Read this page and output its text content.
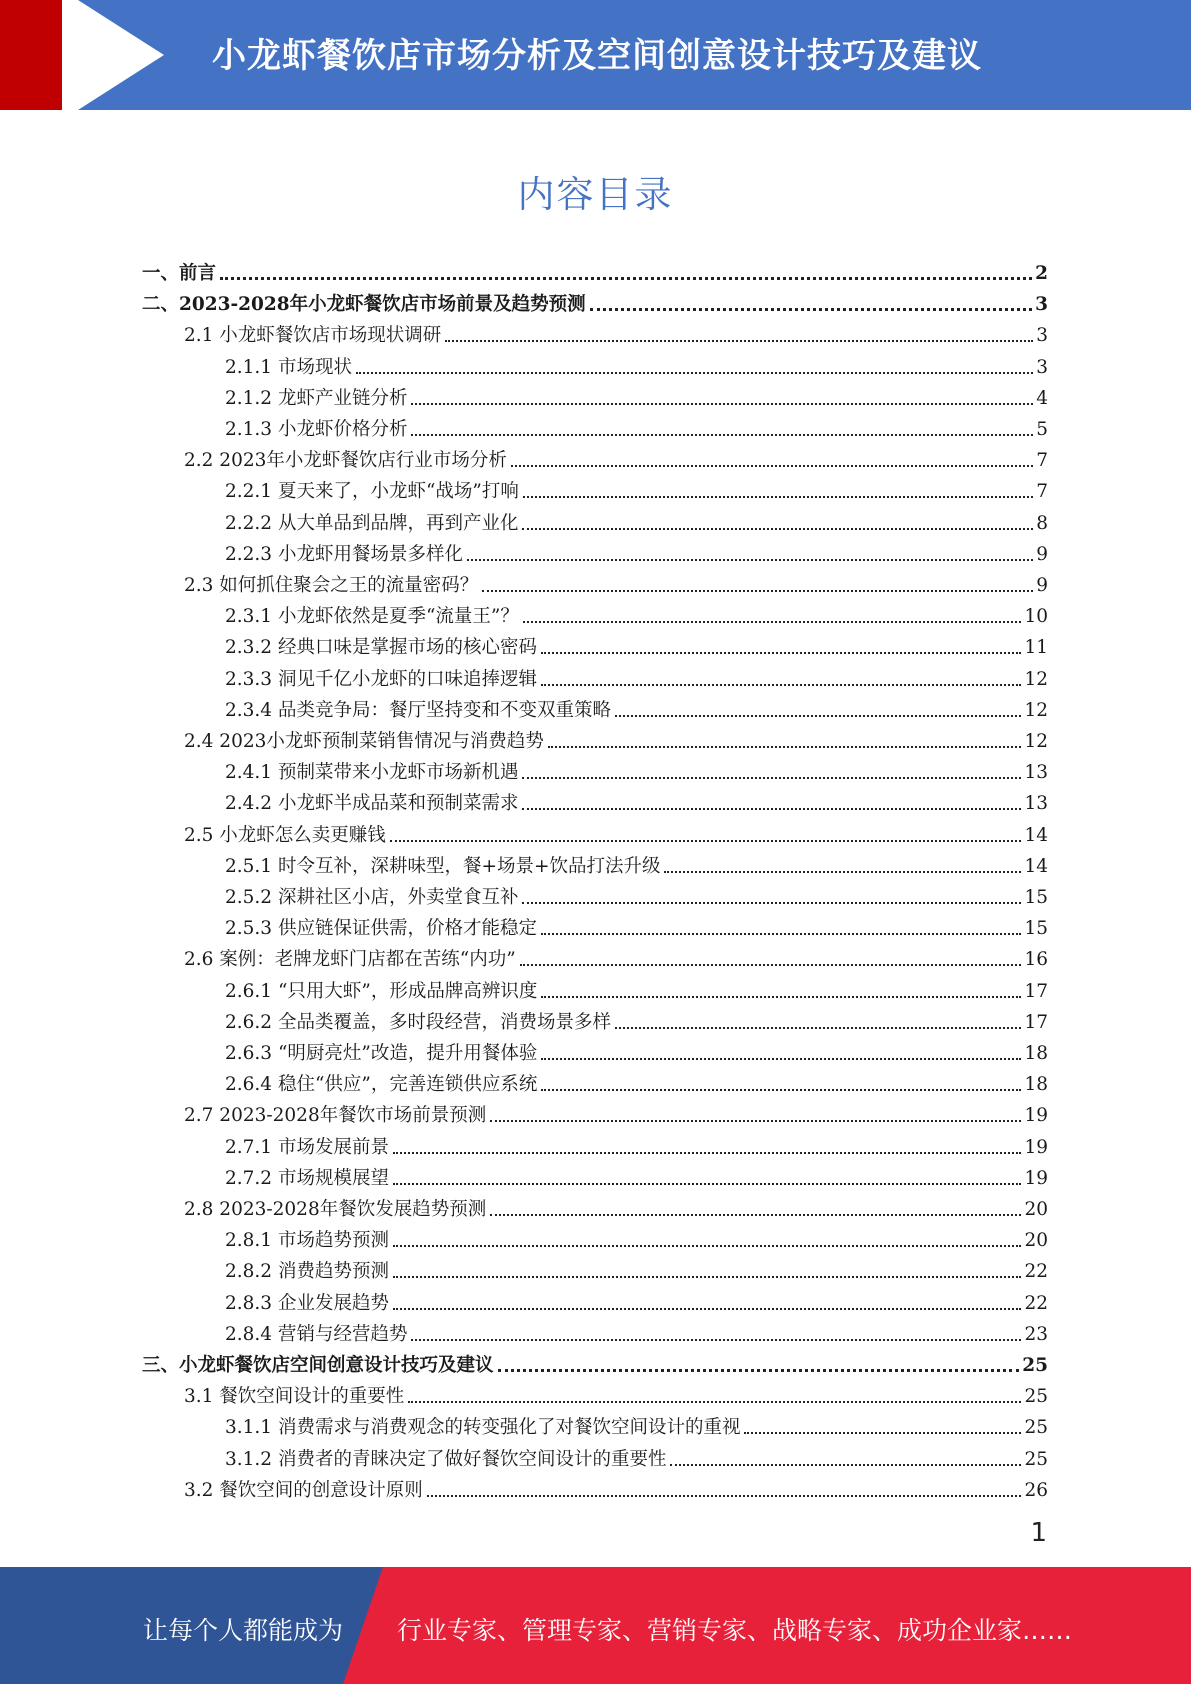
小龙虾餐饮店市场分析及空间创意设计技巧及建议
内容目录
一、前言	2
二、2023-2028年小龙虾餐饮店市场前景及趋势预测	3
2.1 小龙虾餐饮店市场现状调研	3
2.1.1 市场现状	3
2.1.2 龙虾产业链分析	4
2.1.3 小龙虾价格分析	5
2.2 2023年小龙虾餐饮店行业市场分析	7
2.2.1 夏天来了，小龙虾“战场”打响	7
2.2.2 从大单品到品牌，再到产业化	8
2.2.3 小龙虾用餐场景多样化	9
2.3 如何抓住聚会之王的流量密码？	9
2.3.1 小龙虾依然是夏季“流量王”？	10
2.3.2 经典口味是掌握市场的核心密码	11
2.3.3 洞见千亿小龙虾的口味追捧逻辑	12
2.3.4 品类竞争局：餐厅坚持变和不变双重策略	12
2.4 2023小龙虾预制菜销售情况与消费趋势	12
2.4.1 预制菜带来小龙虾市场新机遇	13
2.4.2 小龙虾半成品菜和预制菜需求	13
2.5 小龙虾怎么卖更赚钱	14
2.5.1 时令互补，深耕味型，餐+场景+饮品打法升级	14
2.5.2 深耕社区小店，外卖堂食互补	15
2.5.3 供应链保证供需，价格才能稳定	15
2.6 案例：老牌龙虾门店都在苦练“内功”	16
2.6.1 “只用大虾”，形成品牌高辨识度	17
2.6.2 全品类覆盖，多时段经营，消费场景多样	17
2.6.3 “明厨亮灶”改造，提升用餐体验	18
2.6.4 稳住“供应”，完善连锁供应系统	18
2.7 2023-2028年餐饮市场前景预测	19
2.7.1 市场发展前景	19
2.7.2 市场规模展望	19
2.8 2023-2028年餐饮发展趋势预测	20
2.8.1 市场趋势预测	20
2.8.2 消费趋势预测	22
2.8.3 企业发展趋势	22
2.8.4 营销与经营趋势	23
三、小龙虾餐饮店空间创意设计技巧及建议	25
3.1 餐饮空间设计的重要性	25
3.1.1 消费需求与消费观念的转变强化了对餐饮空间设计的重视	25
3.1.2 消费者的青睐决定了做好餐饮空间设计的重要性	25
3.2 餐饮空间的创意设计原则	26
1
让每个人都能成为 行业专家、管理专家、营销专家、战略专家、成功企业家……
